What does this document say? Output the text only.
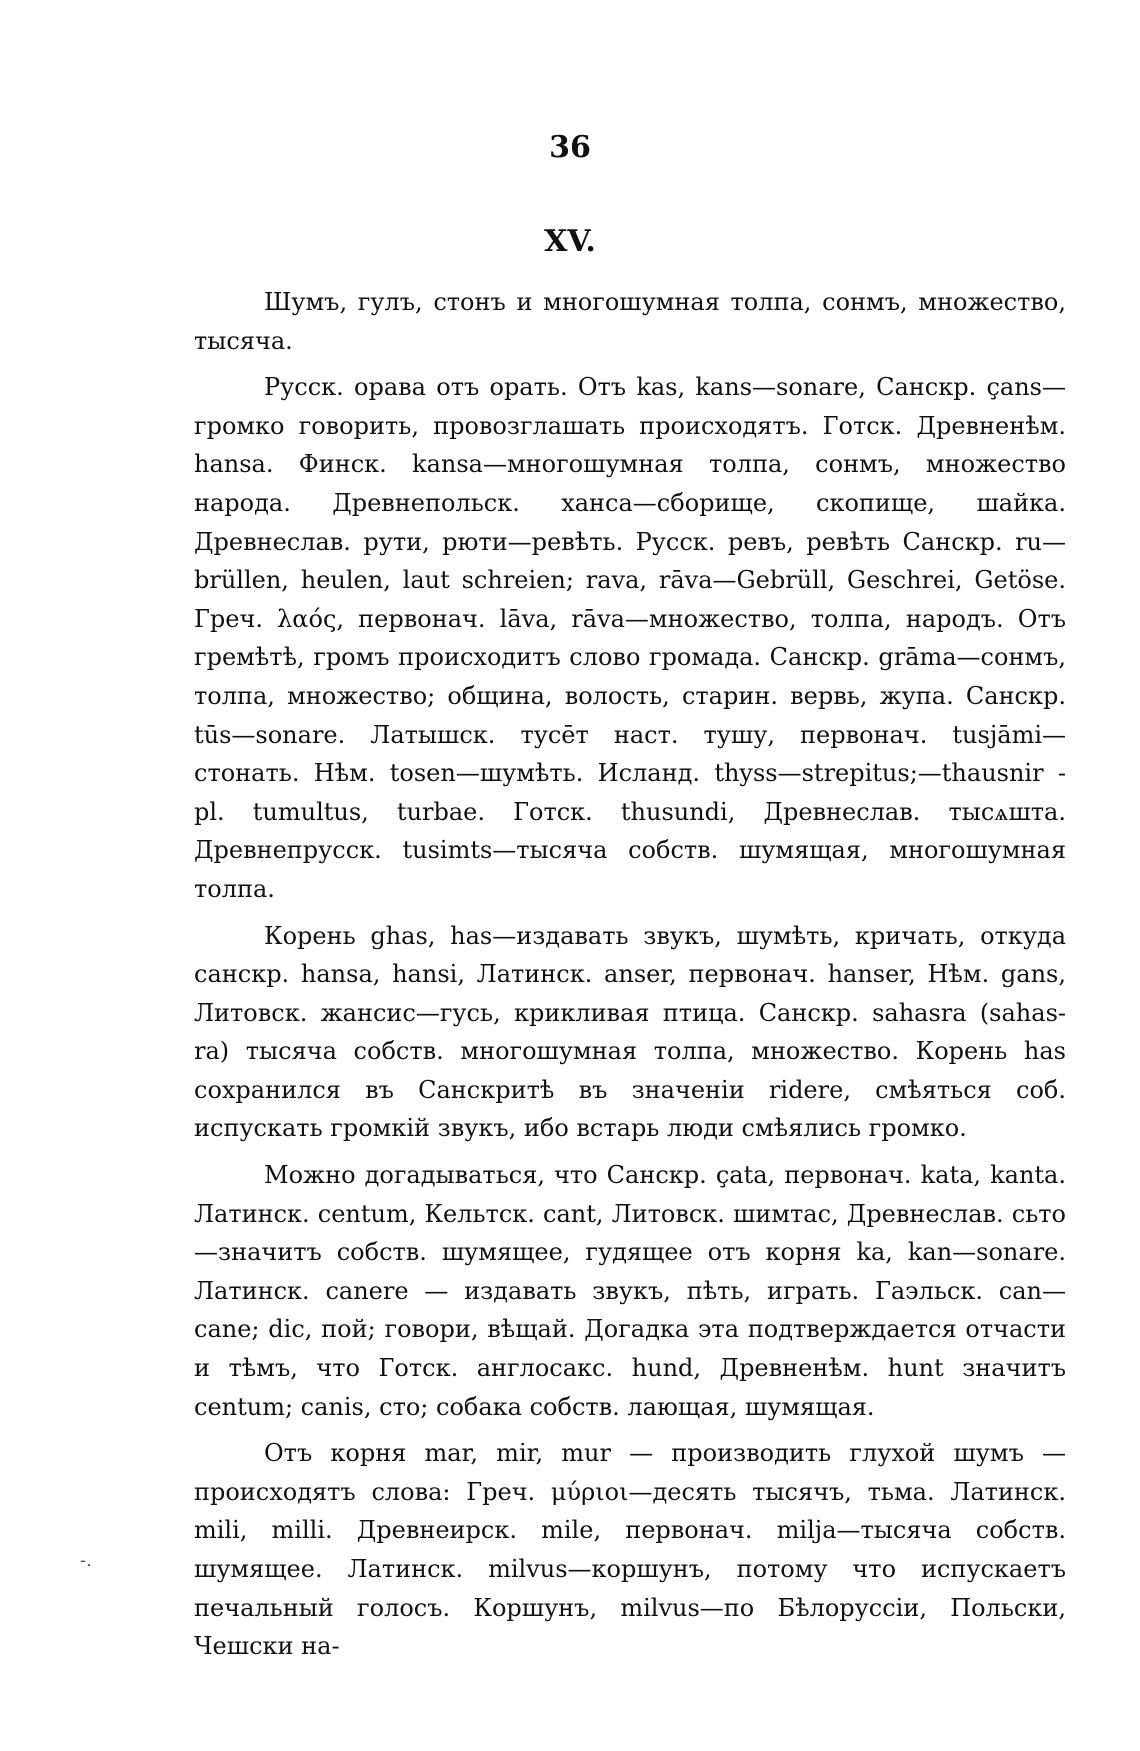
36
XV.

Шумъ, гулъ, стонъ и многошумная толпа, сонмъ, множество, тысяча.

Русск. орава отъ орать. Отъ kas, kans—sonare, Санскр. çans—громко говорить, провозглашать происходятъ. Готск. Древненѣм. hansa. Финск. kansa—многошумная толпа, сонмъ, множество народа. Древнепольск. ханса—сборище, скопище, шайка. Древнеслав. рути, рюти—ревѣть. Русск. ревъ, ревѣть Санскр. ru—brüllen, heulen, laut schreien; rava, rāva—Gebrüll, Geschrei, Getöse. Греч. λαός, первонач. lāva, rāva—множество, толпа, народъ. Отъ гремѣтѣ, громъ происходитъ слово громада. Санскр. grāma—сонмъ, толпа, множество; община, волость, старин. вервь, жупа. Санскр. tūs—sonare. Латышск. тусēт наст. тушу, первонач. tusjāmi—стонать. Нѣм. tosen—шумѣть. Исланд. thyss—strepitus;—thausnir - pl. tumultus, turbae. Готск. thusundi, Древнеслав. тысѧшта. Древнепрусск. tusimts—тысяча собств. шумящая, многошумная толпа.

Корень ghas, has—издавать звукъ, шумѣть, кричать, откуда санскр. hansa, hansi, Латинск. anser, первонач. hanser, Нѣм. gans, Литовск. жансис—гусь, крикливая птица. Санскр. sahasra (sahas-ra) тысяча собств. многошумная толпа, множество. Корень has сохранился въ Санскритѣ въ значеніи ridere, смѣяться соб. испускать громкій звукъ, ибо встарь люди смѣялись громко.

Можно догадываться, что Санскр. çata, первонач. kata, kanta. Латинск. centum, Кельтск. cant, Литовск. шимтас, Древнеслав. сьто—значитъ собств. шумящее, гудящее отъ корня ka, kan—sonare. Латинск. canere — издавать звукъ, пѣть, играть. Гаэльск. can—cane; dic, пой; говори, вѣщай. Догадка эта подтверждается отчасти и тѣмъ, что Готск. англосакс. hund, Древненѣм. hunt значитъ centum; canis, сто; собака собств. лающая, шумящая.

Отъ корня mar, mir, mur — производить глухой шумъ — происходятъ слова: Греч. μύριοι—десять тысячъ, тьма. Латинск. mili, milli. Древнеирск. mile, первонач. milja—тысяча собств. шумящее. Латинск. milvus—коршунъ, потому что испускаетъ печальный голосъ. Коршунъ, milvus—по Бѣлоруссіи, Польски, Чешски на-

-.
